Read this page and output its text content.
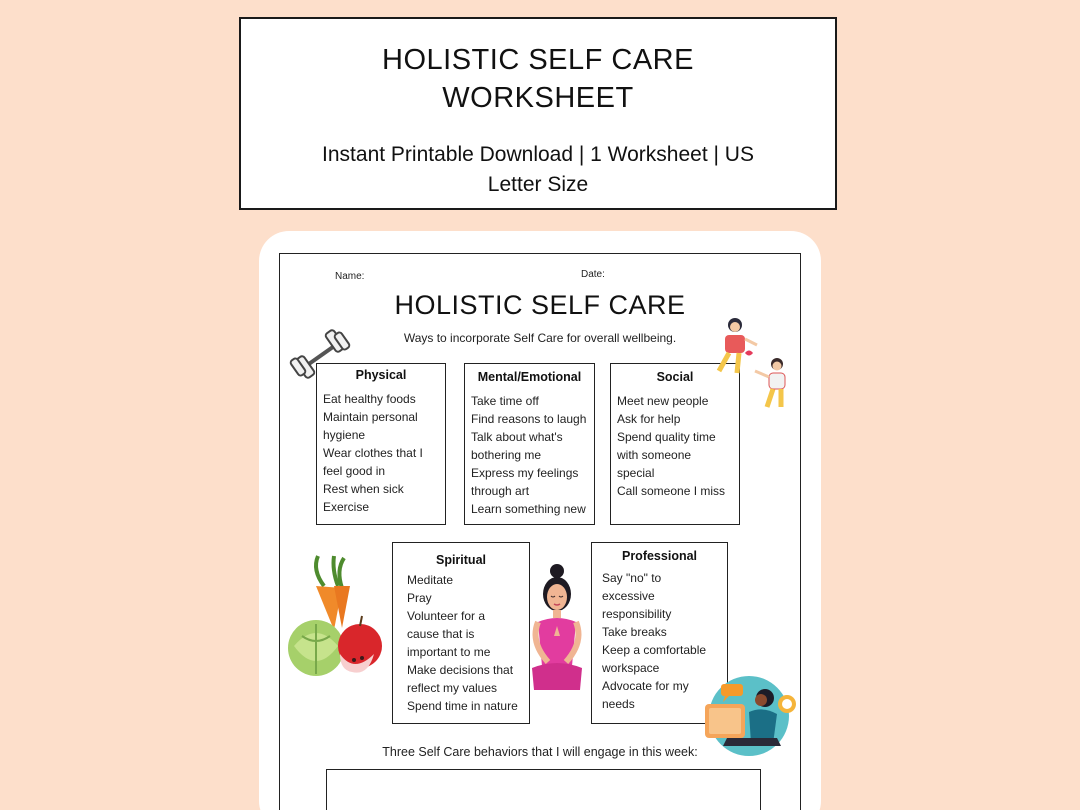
HOLISTIC SELF CARE
WORKSHEET
Instant Printable Download | 1 Worksheet | US
Letter Size
Name:	Date:
HOLISTIC SELF CARE
Ways to incorporate Self Care for overall wellbeing.
Physical
Eat healthy foods
Maintain personal
hygiene
Wear clothes that I
feel good in
Rest when sick
Exercise
Mental/Emotional
Take time off
Find reasons to laugh
Talk about what's
bothering me
Express my feelings
through art
Learn something new
Social
Meet new people
Ask for help
Spend quality time
with someone
special
Call someone I miss
Spiritual
Meditate
Pray
Volunteer for a
cause that is
important to me
Make decisions that
reflect my values
Spend time in nature
Professional
Say "no" to
excessive
responsibility
Take breaks
Keep a comfortable
workspace
Advocate for my
needs
Three Self Care behaviors that I will engage in this week:
